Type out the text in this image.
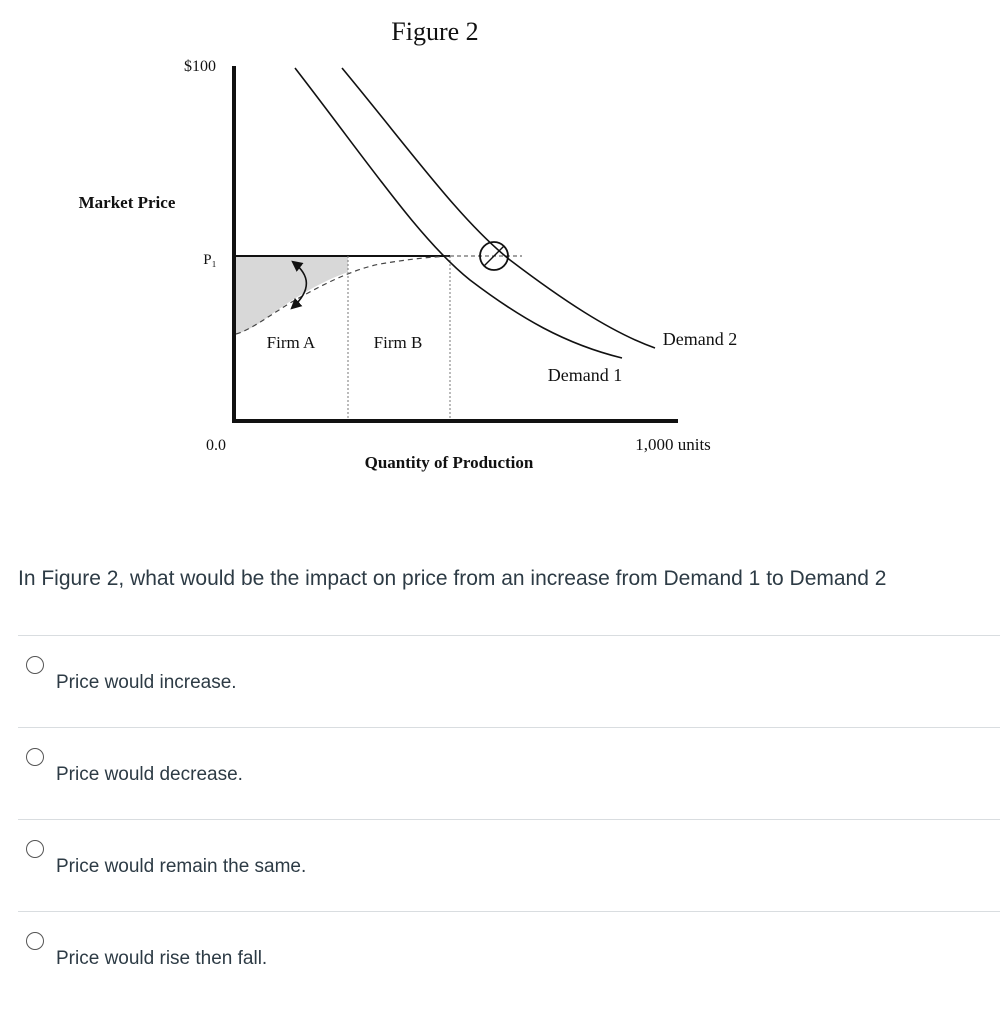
Figure 2
$100
Market Price
P₁
0.0
Firm A	Firm B
Demand 1
Demand 2
1,000 units
Quantity of Production
In Figure 2, what would be the impact on price from an increase from Demand 1 to Demand 2
Price would increase.
Price would decrease.
Price would remain the same.
Price would rise then fall.
